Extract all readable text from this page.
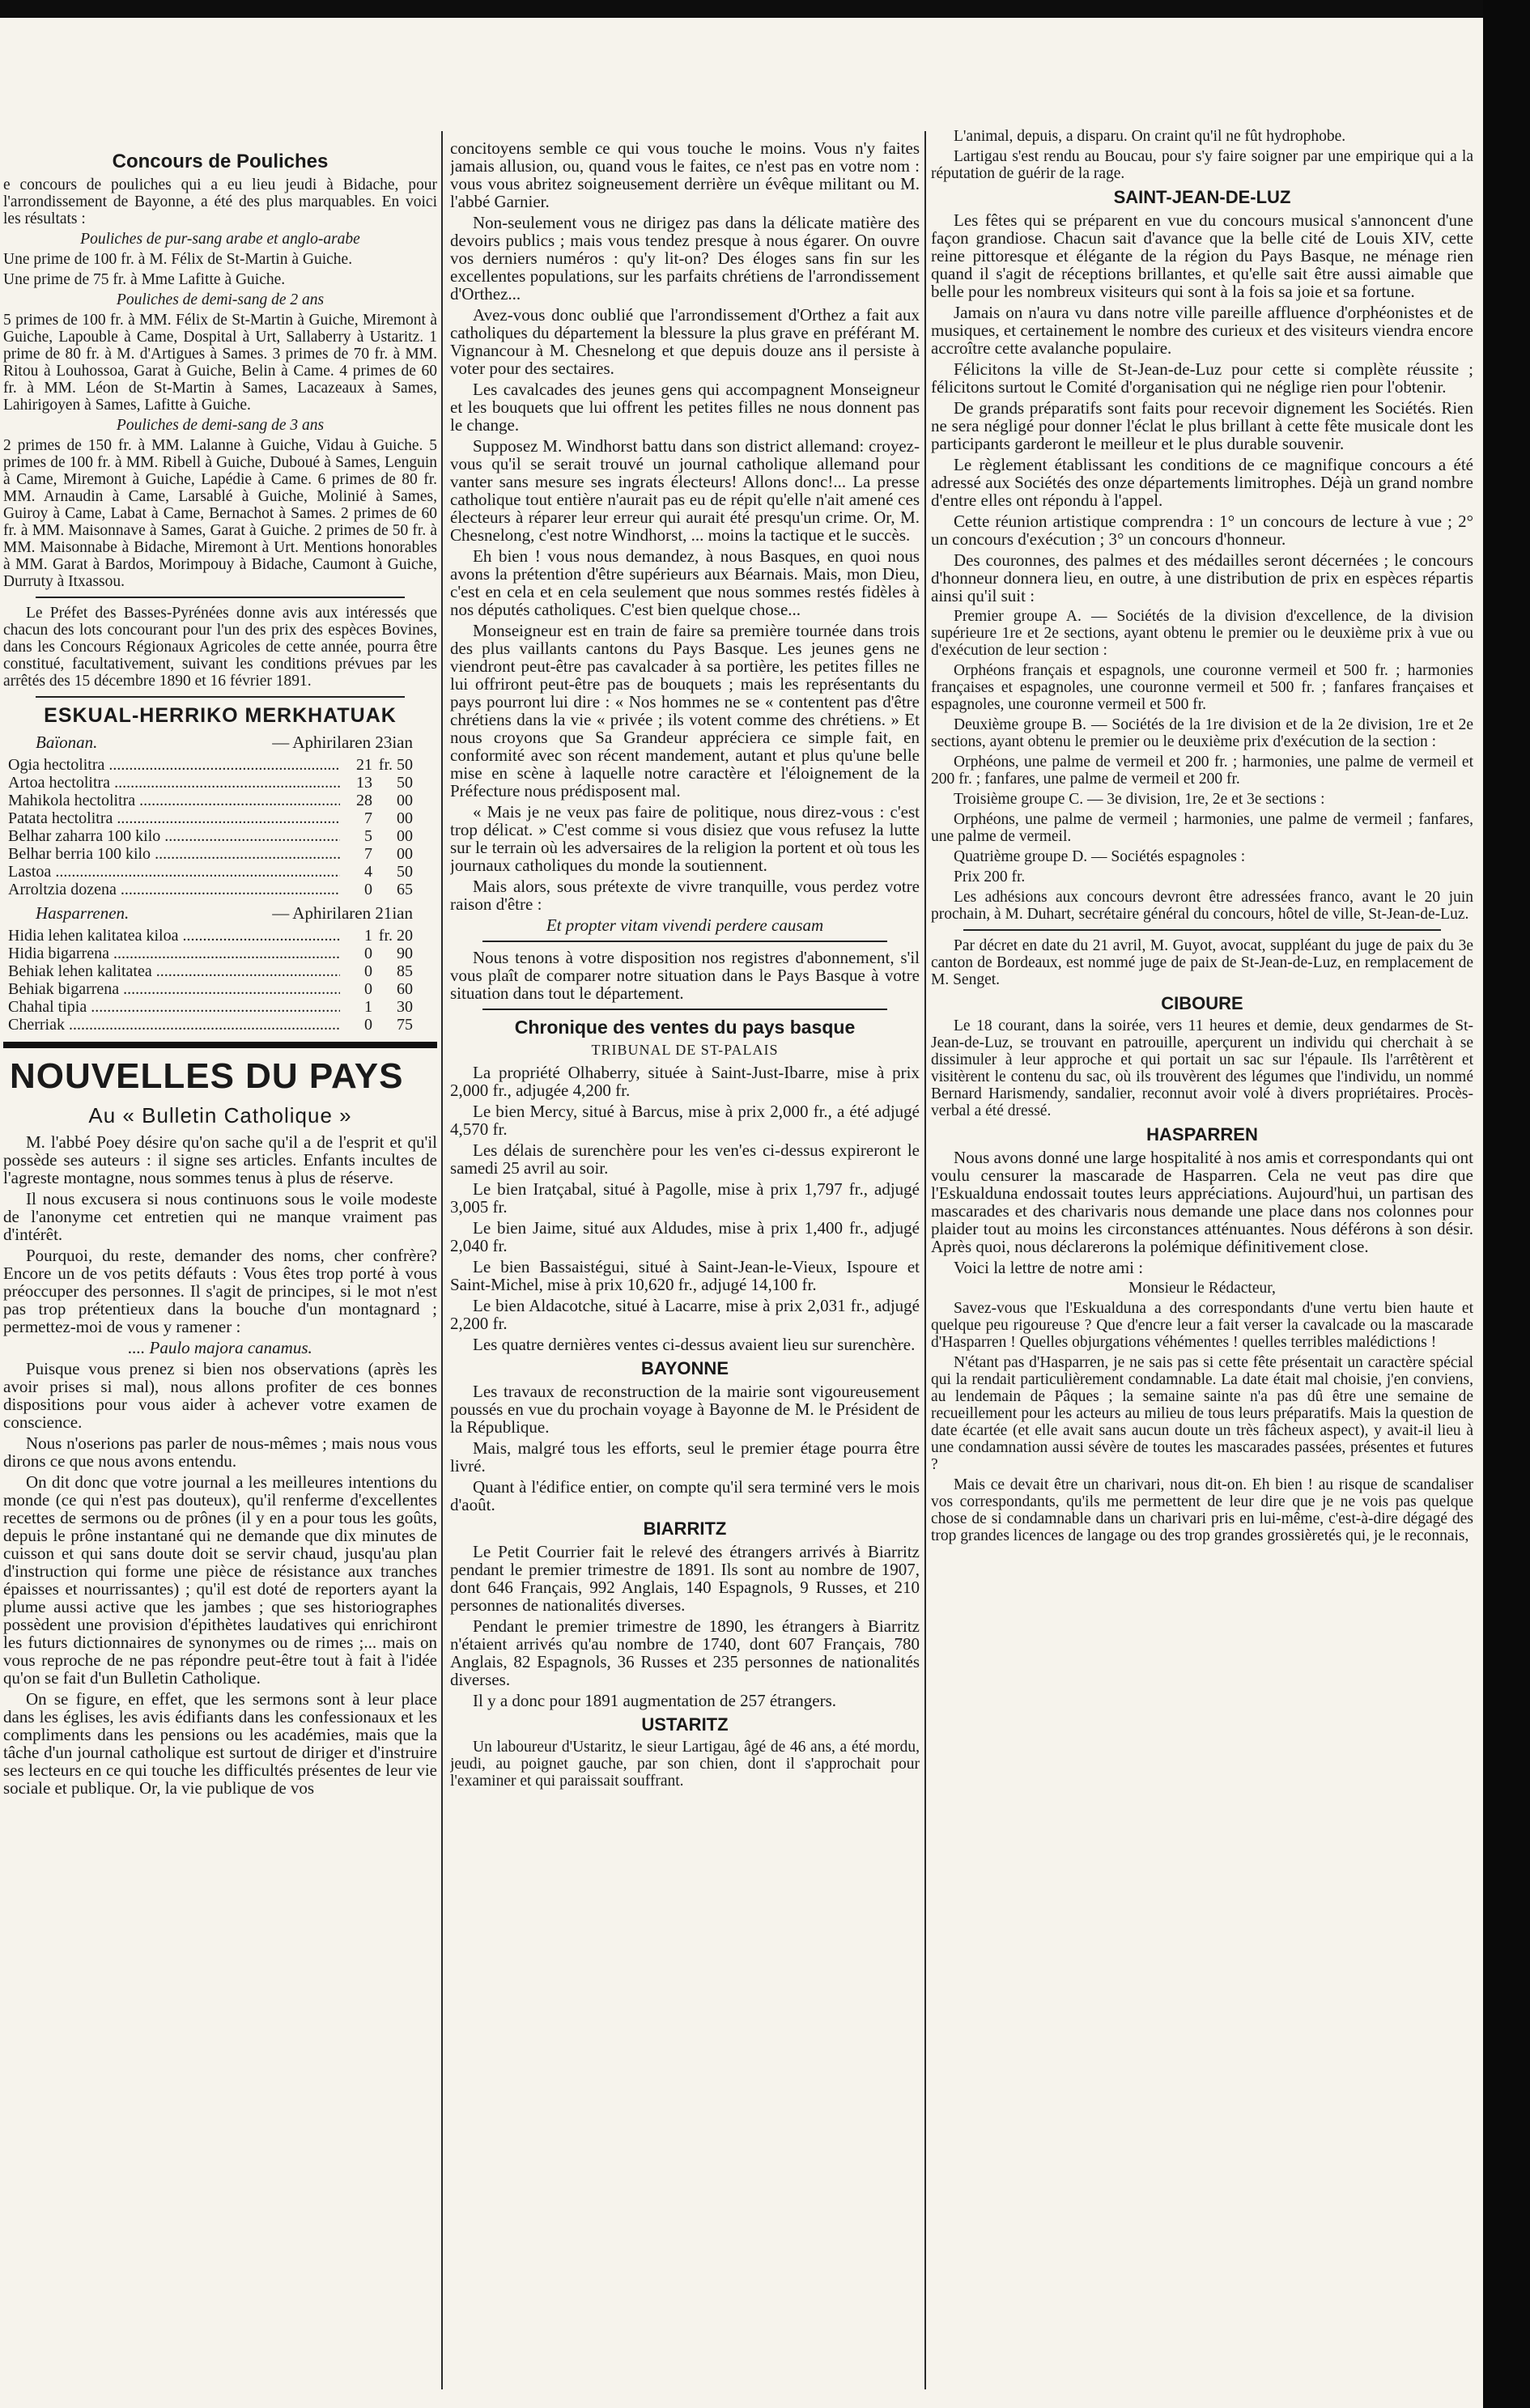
Concours de Pouliches

e concours de pouliches qui a eu lieu jeudi à Bidache, pour l'arrondissement de Bayonne, a été des plus marquables. En voici les résultats :

Pouliches de pur-sang arabe et anglo-arabe

Une prime de 100 fr. à M. Félix de St-Martin à Guiche.

Une prime de 75 fr. à Mme Lafitte à Guiche.

Pouliches de demi-sang de 2 ans

5 primes de 100 fr. à MM. Félix de St-Martin à Guiche, Miremont à Guiche, Lapouble à Came, Dospital à Urt, Sallaberry à Ustaritz. 1 prime de 80 fr. à M. d'Artigues à Sames. 3 primes de 70 fr. à MM. Ritou à Louhossoa, Garat à Guiche, Belin à Came. 4 primes de 60 fr. à MM. Léon de St-Martin à Sames, Lacazeaux à Sames, Lahirigoyen à Sames, Lafitte à Guiche.

Pouliches de demi-sang de 3 ans

2 primes de 150 fr. à MM. Lalanne à Guiche, Vidau à Guiche. 5 primes de 100 fr. à MM. Ribell à Guiche, Duboué à Sames, Lenguin à Came, Miremont à Guiche, Lapédie à Came. 6 primes de 80 fr. MM. Arnaudin à Came, Larsablé à Guiche, Molinié à Sames, Guiroy à Came, Labat à Came, Bernachot à Sames. 2 primes de 60 fr. à MM. Maisonnave à Sames, Garat à Guiche. 2 primes de 50 fr. à MM. Maisonnabe à Bidache, Miremont à Urt. Mentions honorables à MM. Garat à Bardos, Morimpouy à Bidache, Caumont à Guiche, Durruty à Itxassou.

Le Préfet des Basses-Pyrénées donne avis aux intéressés que chacun des lots concourant pour l'un des prix des espèces Bovines, dans les Concours Régionaux Agricoles de cette année, pourra être constitué, facultativement, suivant les conditions prévues par les arrêtés des 15 décembre 1890 et 16 février 1891.

ESKUAL-HERRIKO MERKHATUAK
Baïonan.	— Aphirilaren 23ian
Ogia hectolitra .....	21 fr. 50
Artoa hectolitra .....	13	50
Mahikola hectolitra .....	28	00
Patata hectolitra .....	7	00
Belhar zaharra 100 kilo .....	5	00
Belhar berria 100 kilo .....	7	00
Lastoa .....	4	50
Arroltzia dozena .....	0	65
Hasparrenen.	— Aphirilaren 21ian
Hidia lehen kalitatea kiloa .....	1 fr. 20
Hidia bigarrena .....	0	90
Behiak lehen kalitatea .....	0	85
Behiak bigarrena .....	0	60
Chahal tipia .....	1	30
Cherriak .....	0	75
NOUVELLES DU PAYS
Au « Bulletin Catholique »

M. l'abbé Poey désire qu'on sache qu'il a de l'esprit et qu'il possède ses auteurs : il signe ses articles. Enfants incultes de l'agreste montagne, nous sommes tenus à plus de réserve.

Il nous excusera si nous continuons sous le voile modeste de l'anonyme cet entretien qui ne manque vraiment pas d'intérêt.

Pourquoi, du reste, demander des noms, cher confrère? Encore un de vos petits défauts : Vous êtes trop porté à vous préoccuper des personnes. Il s'agit de principes, si le mot n'est pas trop prétentieux dans la bouche d'un montagnard ; permettez-moi de vous y ramener :

.... Paulo majora canamus.

Puisque vous prenez si bien nos observations (après les avoir prises si mal), nous allons profiter de ces bonnes dispositions pour vous aider à achever votre examen de conscience.

Nous n'oserions pas parler de nous-mêmes ; mais nous vous dirons ce que nous avons entendu.

On dit donc que votre journal a les meilleures intentions du monde (ce qui n'est pas douteux), qu'il renferme d'excellentes recettes de sermons ou de prônes (il y en a pour tous les goûts, depuis le prône instantané qui ne demande que dix minutes de cuisson et qui sans doute doit se servir chaud, jusqu'au plan d'instruction qui forme une pièce de résistance aux tranches épaisses et nourrissantes) ; qu'il est doté de reporters ayant la plume aussi active que les jambes ; que ses historiographes possèdent une provision d'épithètes laudatives qui enrichiront les futurs dictionnaires de synonymes ou de rimes ;... mais on vous reproche de ne pas répondre peut-être tout à fait à l'idée qu'on se fait d'un Bulletin Catholique.

On se figure, en effet, que les sermons sont à leur place dans les églises, les avis édifiants dans les confessionaux et les compliments dans les pensions ou les académies, mais que la tâche d'un journal catholique est surtout de diriger et d'instruire ses lecteurs en ce qui touche les difficultés présentes de leur vie sociale et publique. Or, la vie publique de vos

concitoyens semble ce qui vous touche le moins. Vous n'y faites jamais allusion, ou, quand vous le faites, ce n'est pas en votre nom : vous vous abritez soigneusement derrière un évêque militant ou M. l'abbé Garnier.

Non-seulement vous ne dirigez pas dans la délicate matière des devoirs publics ; mais vous tendez presque à nous égarer. On ouvre vos derniers numéros : qu'y lit-on? Des éloges sans fin sur les excellentes populations, sur les parfaits chrétiens de l'arrondissement d'Orthez...

Avez-vous donc oublié que l'arrondissement d'Orthez a fait aux catholiques du département la blessure la plus grave en préférant M. Vignancour à M. Chesnelong et que depuis douze ans il persiste à voter pour des sectaires.

Les cavalcades des jeunes gens qui accompagnent Monseigneur et les bouquets que lui offrent les petites filles ne nous donnent pas le change.

Supposez M. Windhorst battu dans son district allemand: croyez-vous qu'il se serait trouvé un journal catholique allemand pour vanter sans mesure ses ingrats électeurs! Allons donc!... La presse catholique tout entière n'aurait pas eu de répit qu'elle n'ait amené ces électeurs à réparer leur erreur qui aurait été presqu'un crime. Or, M. Chesnelong, c'est notre Windhorst, ... moins la tactique et le succès.

Eh bien ! vous nous demandez, à nous Basques, en quoi nous avons la prétention d'être supérieurs aux Béarnais. Mais, mon Dieu, c'est en cela et en cela seulement que nous sommes restés fidèles à nos députés catholiques. C'est bien quelque chose...

Monseigneur est en train de faire sa première tournée dans trois des plus vaillants cantons du Pays Basque. Les jeunes gens ne viendront peut-être pas cavalcader à sa portière, les petites filles ne lui offriront peut-être pas de bouquets ; mais les représentants du pays pourront lui dire : « Nos hommes ne se « contentent pas d'être chrétiens dans la vie « privée ; ils votent comme des chrétiens. » Et nous croyons que Sa Grandeur appréciera ce simple fait, en conformité avec son récent mandement, autant et plus qu'une belle mise en scène à laquelle notre caractère et l'éloignement de la Préfecture nous prédisposent mal.

« Mais je ne veux pas faire de politique, nous direz-vous : c'est trop délicat. » C'est comme si vous disiez que vous refusez la lutte sur le terrain où les adversaires de la religion la portent et où tous les journaux catholiques du monde la soutiennent.

Mais alors, sous prétexte de vivre tranquille, vous perdez votre raison d'être :

Et propter vitam vivendi perdere causam

Nous tenons à votre disposition nos registres d'abonnement, s'il vous plaît de comparer notre situation dans le Pays Basque à votre situation dans tout le département.

Chronique des ventes du pays basque
TRIBUNAL DE ST-PALAIS

La propriété Olhaberry, située à Saint-Just-Ibarre, mise à prix 2,000 fr., adjugée 4,200 fr.

Le bien Mercy, situé à Barcus, mise à prix 2,000 fr., a été adjugé 4,570 fr.

Les délais de surenchère pour les ven'es ci-dessus expireront le samedi 25 avril au soir.

Le bien Iratçabal, situé à Pagolle, mise à prix 1,797 fr., adjugé 3,005 fr.

Le bien Jaime, situé aux Aldudes, mise à prix 1,400 fr., adjugé 2,040 fr.

Le bien Bassaistégui, situé à Saint-Jean-le-Vieux, Ispoure et Saint-Michel, mise à prix 10,620 fr., adjugé 14,100 fr.

Le bien Aldacotche, situé à Lacarre, mise à prix 2,031 fr., adjugé 2,200 fr.

Les quatre dernières ventes ci-dessus avaient lieu sur surenchère.

BAYONNE

Les travaux de reconstruction de la mairie sont vigoureusement poussés en vue du prochain voyage à Bayonne de M. le Président de la République.

Mais, malgré tous les efforts, seul le premier étage pourra être livré.

Quant à l'édifice entier, on compte qu'il sera terminé vers le mois d'août.

BIARRITZ

Le Petit Courrier fait le relevé des étrangers arrivés à Biarritz pendant le premier trimestre de 1891. Ils sont au nombre de 1907, dont 646 Français, 992 Anglais, 140 Espagnols, 9 Russes, et 210 personnes de nationalités diverses.

Pendant le premier trimestre de 1890, les étrangers à Biarritz n'étaient arrivés qu'au nombre de 1740, dont 607 Français, 780 Anglais, 82 Espagnols, 36 Russes et 235 personnes de nationalités diverses.

Il y a donc pour 1891 augmentation de 257 étrangers.

USTARITZ

Un laboureur d'Ustaritz, le sieur Lartigau, âgé de 46 ans, a été mordu, jeudi, au poignet gauche, par son chien, dont il s'approchait pour l'examiner et qui paraissait souffrant.

L'animal, depuis, a disparu. On craint qu'il ne fût hydrophobe.

Lartigau s'est rendu au Boucau, pour s'y faire soigner par une empirique qui a la réputation de guérir de la rage.

SAINT-JEAN-DE-LUZ

Les fêtes qui se préparent en vue du concours musical s'annoncent d'une façon grandiose. Chacun sait d'avance que la belle cité de Louis XIV, cette reine pittoresque et élégante de la région du Pays Basque, ne ménage rien quand il s'agit de réceptions brillantes, et qu'elle sait être aussi aimable que belle pour les nombreux visiteurs qui sont à la fois sa joie et sa fortune.

Jamais on n'aura vu dans notre ville pareille affluence d'orphéonistes et de musiques, et certainement le nombre des curieux et des visiteurs viendra encore accroître cette avalanche populaire.

Félicitons la ville de St-Jean-de-Luz pour cette si complète réussite ; félicitons surtout le Comité d'organisation qui ne néglige rien pour l'obtenir.

De grands préparatifs sont faits pour recevoir dignement les Sociétés. Rien ne sera négligé pour donner l'éclat le plus brillant à cette fête musicale dont les participants garderont le meilleur et le plus durable souvenir.

Le règlement établissant les conditions de ce magnifique concours a été adressé aux Sociétés des onze départements limitrophes. Déjà un grand nombre d'entre elles ont répondu à l'appel.

Cette réunion artistique comprendra : 1° un concours de lecture à vue ; 2° un concours d'exécution ; 3° un concours d'honneur.

Des couronnes, des palmes et des médailles seront décernées ; le concours d'honneur donnera lieu, en outre, à une distribution de prix en espèces répartis ainsi qu'il suit :

Premier groupe A. — Sociétés de la division d'excellence, de la division supérieure 1re et 2e sections, ayant obtenu le premier ou le deuxième prix à vue ou d'exécution de leur section :

Orphéons français et espagnols, une couronne vermeil et 500 fr. ; harmonies françaises et espagnoles, une couronne vermeil et 500 fr. ; fanfares françaises et espagnoles, une couronne vermeil et 500 fr.

Deuxième groupe B. — Sociétés de la 1re division et de la 2e division, 1re et 2e sections, ayant obtenu le premier ou le deuxième prix d'exécution de la section :

Orphéons, une palme de vermeil et 200 fr. ; harmonies, une palme de vermeil et 200 fr. ; fanfares, une palme de vermeil et 200 fr.

Troisième groupe C. — 3e division, 1re, 2e et 3e sections :

Orphéons, une palme de vermeil ; harmonies, une palme de vermeil ; fanfares, une palme de vermeil.

Quatrième groupe D. — Sociétés espagnoles :

Prix 200 fr.

Les adhésions aux concours devront être adressées franco, avant le 20 juin prochain, à M. Duhart, secrétaire général du concours, hôtel de ville, St-Jean-de-Luz.

Par décret en date du 21 avril, M. Guyot, avocat, suppléant du juge de paix du 3e canton de Bordeaux, est nommé juge de paix de St-Jean-de-Luz, en remplacement de M. Senget.

CIBOURE

Le 18 courant, dans la soirée, vers 11 heures et demie, deux gendarmes de St-Jean-de-Luz, se trouvant en patrouille, aperçurent un individu qui cherchait à se dissimuler à leur approche et qui portait un sac sur l'épaule. Ils l'arrêtèrent et visitèrent le contenu du sac, où ils trouvèrent des légumes que l'individu, un nommé Bernard Harismendy, sandalier, reconnut avoir volé à divers propriétaires. Procès-verbal a été dressé.

HASPARREN

Nous avons donné une large hospitalité à nos amis et correspondants qui ont voulu censurer la mascarade de Hasparren. Cela ne veut pas dire que l'Eskualduna endossait toutes leurs appréciations. Aujourd'hui, un partisan des mascarades et des charivaris nous demande une place dans nos colonnes pour plaider tout au moins les circonstances atténuantes. Nous déférons à son désir. Après quoi, nous déclarerons la polémique définitivement close.

Voici la lettre de notre ami :

Monsieur le Rédacteur,

Savez-vous que l'Eskualduna a des correspondants d'une vertu bien haute et quelque peu rigoureuse ? Que d'encre leur a fait verser la cavalcade ou la mascarade d'Hasparren ! Quelles objurgations véhémentes ! quelles terribles malédictions !

N'étant pas d'Hasparren, je ne sais pas si cette fête présentait un caractère spécial qui la rendait particulièrement condamnable. La date était mal choisie, j'en conviens, au lendemain de Pâques ; la semaine sainte n'a pas dû être une semaine de recueillement pour les acteurs au milieu de tous leurs préparatifs. Mais la question de date écartée (et elle avait sans aucun doute un très fâcheux aspect), y avait-il lieu à une condamnation aussi sévère de toutes les mascarades passées, présentes et futures ?

Mais ce devait être un charivari, nous dit-on. Eh bien ! au risque de scandaliser vos correspondants, qu'ils me permettent de leur dire que je ne vois pas quelque chose de si condamnable dans un charivari pris en lui-même, c'est-à-dire dégagé des trop grandes licences de langage ou des trop grandes grossièretés qui, je le reconnais,
